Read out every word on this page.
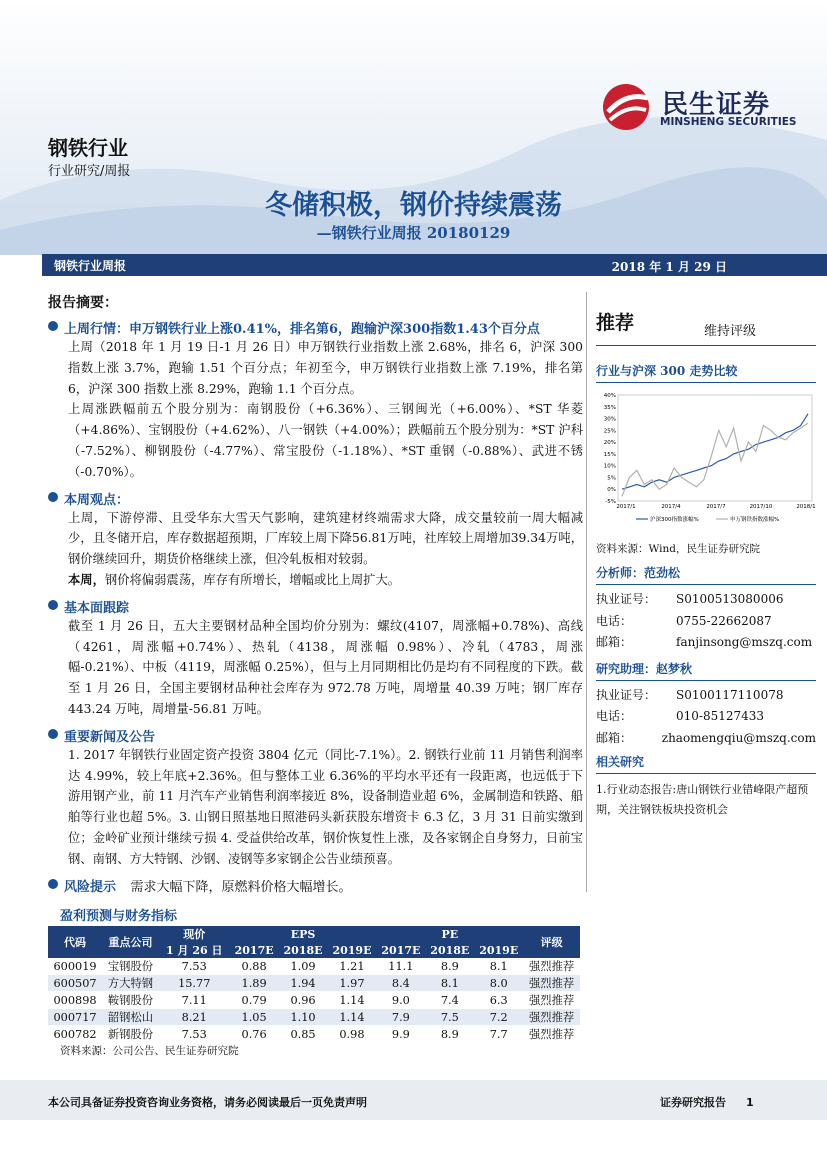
钢铁行业
行业研究/周报
冬储积极，钢价持续震荡
—钢铁行业周报 20180129
民生证券
MINSHENG SECURITIES
钢铁行业周报	2018 年 1 月 29 日
报告摘要：
上周行情：申万钢铁行业上涨0.41%，排名第6，跑输沪深300指数1.43个百分点

上周（2018 年 1 月 19 日-1 月 26 日）申万钢铁行业指数上涨 2.68%，排名 6，沪深 300 指数上涨 3.7%，跑输 1.51 个百分点；年初至今，申万钢铁行业指数上涨 7.19%，排名第 6，沪深 300 指数上涨 8.29%，跑输 1.1 个百分点。

上周涨跌幅前五个股分别为：南钢股份（+6.36%）、三钢闽光（+6.00%）、*ST 华菱（+4.86%）、宝钢股份（+4.62%）、八一钢铁（+4.00%）；跌幅前五个股分别为：*ST 沪科（-7.52%）、柳钢股份（-4.77%）、常宝股份（-1.18%）、*ST 重钢（-0.88%）、武进不锈（-0.70%）。

本周观点：

上周，下游停滞、且受华东大雪天气影响，建筑建材终端需求大降，成交量较前一周大幅减少，且冬储开启，库存数据超预期，厂库较上周下降56.81万吨，社库较上周增加39.34万吨，钢价继续回升，期货价格继续上涨，但冷轧板相对较弱。

本周，钢价将偏弱震荡，库存有所增长，增幅或比上周扩大。

基本面跟踪

截至 1 月 26 日，五大主要钢材品种全国均价分别为：螺纹(4107，周涨幅+0.78%)、高线（4261，周涨幅+0.74%）、热轧（4138，周涨幅 0.98%）、冷轧（4783，周涨幅-0.21%）、中板（4119，周涨幅 0.25%），但与上月同期相比仍是均有不同程度的下跌。截至 1 月 26 日，全国主要钢材品种社会库存为 972.78 万吨，周增量 40.39 万吨；钢厂库存 443.24 万吨，周增量-56.81 万吨。

重要新闻及公告

1. 2017 年钢铁行业固定资产投资 3804 亿元（同比-7.1%）。2. 钢铁行业前 11 月销售利润率达 4.99%，较上年底+2.36%。但与整体工业 6.36%的平均水平还有一段距离，也远低于下游用钢产业，前 11 月汽车产业销售利润率接近 8%，设备制造业超 6%，金属制造和铁路、船舶等行业也超 5%。3. 山钢日照基地日照港码头新获股东增资卡 6.3 亿，3 月 31 日前实缴到位；金岭矿业预计继续亏损 4. 受益供给改革，钢价恢复性上涨，及各家钢企自身努力，日前宝钢、南钢、方大特钢、沙钢、凌钢等多家钢企公告业绩预喜。

风险提示 需求大幅下降，原燃料价格大幅增长。
推荐	维持评级
行业与沪深 300 走势比较
40%
35%
30%
25%
20%
15%
10%
5%
0%
-5%
2017/1	2017/4	2017/7	2017/10	2018/1
沪深300指数涨幅%	申万钢铁指数涨幅%
资料来源：Wind，民生证券研究院
分析师：范劲松
执业证号：	S0100513080006
电话：	0755-22662087
邮箱：	fanjinsong@mszq.com
研究助理：赵梦秋
执业证号：	S0100117110078
电话：	010-85127433
邮箱：	zhaomengqiu@mszq.com
相关研究
1.行业动态报告:唐山钢铁行业错峰限产超预期，关注钢铁板块投资机会
盈利预测与财务指标
代码	重点公司	现价	EPS			PE			评级
		1 月 26 日	2017E	2018E	2019E	2017E	2018E	2019E	
600019	宝钢股份	7.53	0.88	1.09	1.21	11.1	8.9	8.1	强烈推荐
600507	方大特钢	15.77	1.89	1.94	1.97	8.4	8.1	8.0	强烈推荐
000898	鞍钢股份	7.11	0.79	0.96	1.14	9.0	7.4	6.3	强烈推荐
000717	韶钢松山	8.21	1.05	1.10	1.14	7.9	7.5	7.2	强烈推荐
600782	新钢股份	7.53	0.76	0.85	0.98	9.9	8.9	7.7	强烈推荐
资料来源：公司公告、民生证券研究院
本公司具备证券投资咨询业务资格，请务必阅读最后一页免责声明	证券研究报告 1
